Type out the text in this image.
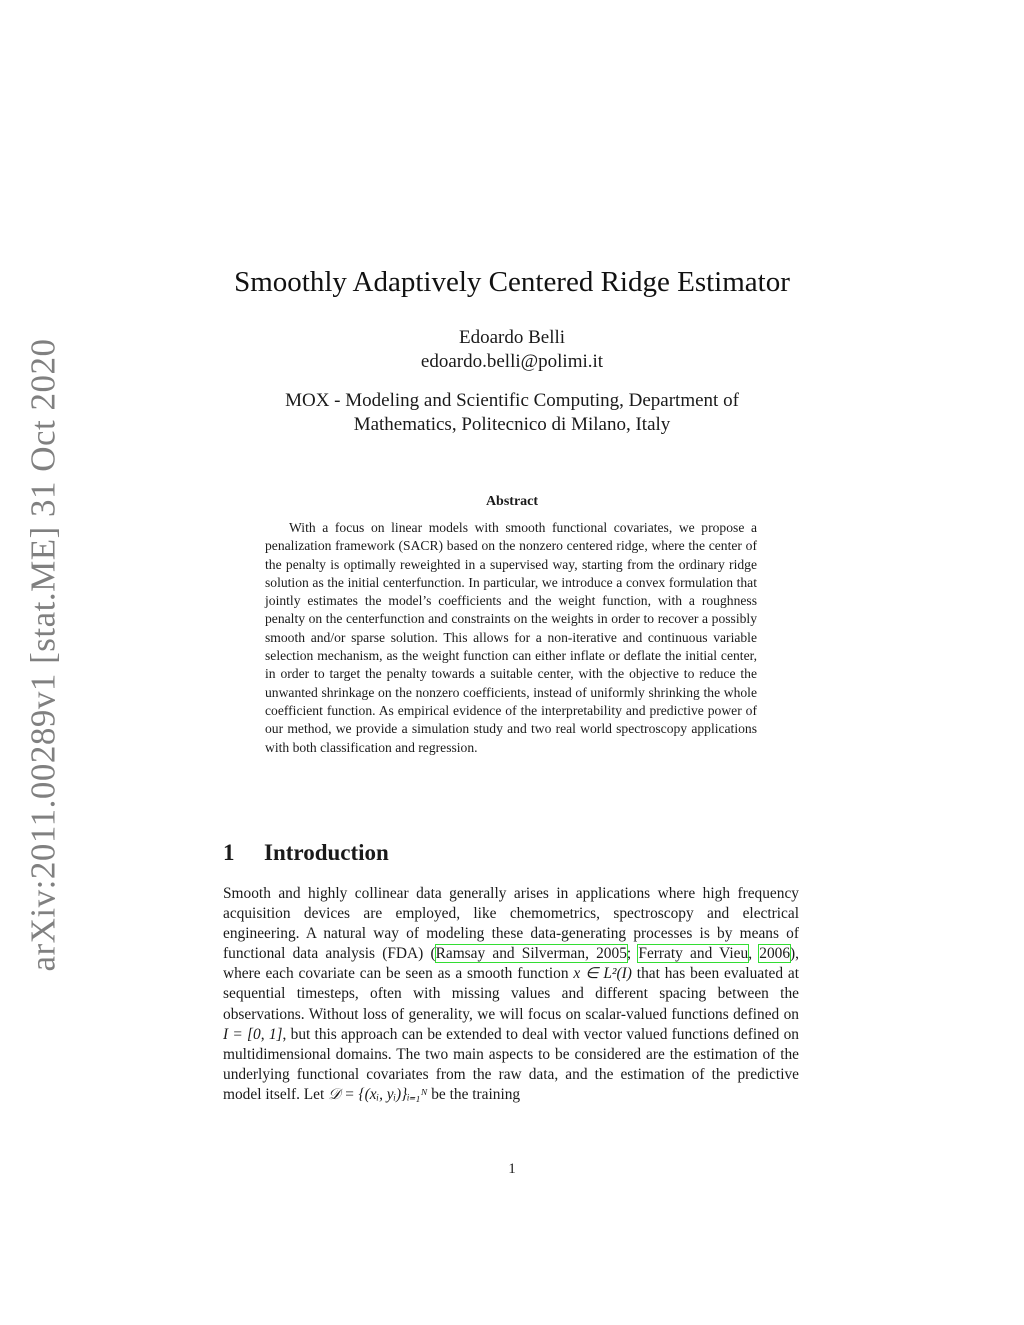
arXiv:2011.00289v1 [stat.ME] 31 Oct 2020
Smoothly Adaptively Centered Ridge Estimator
Edoardo Belli
edoardo.belli@polimi.it
MOX - Modeling and Scientific Computing, Department of
Mathematics, Politecnico di Milano, Italy
Abstract

With a focus on linear models with smooth functional covariates, we propose a penalization framework (SACR) based on the nonzero centered ridge, where the center of the penalty is optimally reweighted in a supervised way, starting from the ordinary ridge solution as the initial centerfunction. In particular, we introduce a convex formulation that jointly estimates the model’s coefficients and the weight function, with a roughness penalty on the centerfunction and constraints on the weights in order to recover a possibly smooth and/or sparse solution. This allows for a non-iterative and continuous variable selection mechanism, as the weight function can either inflate or deflate the initial center, in order to target the penalty towards a suitable center, with the objective to reduce the unwanted shrinkage on the nonzero coefficients, instead of uniformly shrinking the whole coefficient function. As empirical evidence of the interpretability and predictive power of our method, we provide a simulation study and two real world spectroscopy applications with both classification and regression.

1 Introduction

Smooth and highly collinear data generally arises in applications where high frequency acquisition devices are employed, like chemometrics, spectroscopy and electrical engineering. A natural way of modeling these data-generating processes is by means of functional data analysis (FDA) (Ramsay and Silverman, 2005; Ferraty and Vieu, 2006), where each covariate can be seen as a smooth function x ∈ L²(I) that has been evaluated at sequential timesteps, often with missing values and different spacing between the observations. Without loss of generality, we will focus on scalar-valued functions defined on I = [0, 1], but this approach can be extended to deal with vector valued functions defined on multidimensional domains. The two main aspects to be considered are the estimation of the underlying functional covariates from the raw data, and the estimation of the predictive model itself. Let 𝒟 = {(xᵢ, yᵢ)}ᵢ₌₁ᴺ be the training

1
